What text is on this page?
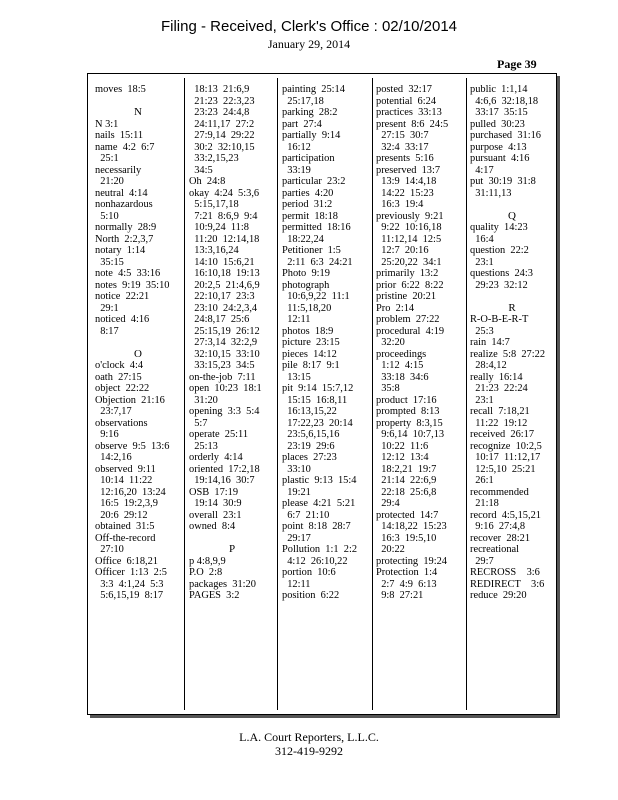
Filing - Received, Clerk's Office : 02/10/2014
January 29, 2014
Page 39
moves  18:5

N
N 3:1
nails  15:11
name  4:2  6:7
25:1
necessarily
21:20
neutral  4:14
nonhazardous
5:10
normally  28:9
North  2:2,3,7
notary  1:14
35:15
note  4:5  33:16
notes  9:19  35:10
notice  22:21
29:1
noticed  4:16
8:17

O
o'clock  4:4
oath  27:15
object  22:22
Objection  21:16
23:7,17
observations
9:16
observe  9:5  13:6
14:2,16
observed  9:11
10:14  11:22
12:16,20  13:24
16:5  19:2,3,9
20:6  29:12
obtained  31:5
Off-the-record
27:10
Office  6:18,21
Officer  1:13  2:5
3:3  4:1,24  5:3
5:6,15,19  8:17
18:13  21:6,9
21:23  22:3,23
23:23  24:4,8
24:11,17  27:2
27:9,14  29:22
30:2  32:10,15
33:2,15,23
34:5
Oh  24:8
okay  4:24  5:3,6
5:15,17,18
7:21  8:6,9  9:4
10:9,24  11:8
11:20  12:14,18
13:3,16,24
14:10  15:6,21
16:10,18  19:13
20:2,5  21:4,6,9
22:10,17  23:3
23:10  24:2,3,4
24:8,17  25:6
25:15,19  26:12
27:3,14  32:2,9
32:10,15  33:10
33:15,23  34:5
on-the-job  7:11
open  10:23  18:1
31:20
opening  3:3  5:4
5:7
operate  25:11
25:13
orderly  4:14
oriented  17:2,18
19:14,16  30:7
OSB  17:19
19:14  30:9
overall  23:1
owned  8:4

P
p 4:8,9,9
P.O  2:8
packages  31:20
PAGES  3:2
painting  25:14
25:17,18
parking  28:2
part  27:4
partially  9:14
16:12
participation
33:19
particular  23:2
parties  4:20
period  31:2
permit  18:18
permitted  18:16
18:22,24
Petitioner  1:5
2:11  6:3  24:21
Photo  9:19
photograph
10:6,9,22  11:1
11:5,18,20
12:11
photos  18:9
picture  23:15
pieces  14:12
pile  8:17  9:1
13:15
pit  9:14  15:7,12
15:15  16:8,11
16:13,15,22
17:22,23  20:14
23:5,6,15,16
23:19  29:6
places  27:23
33:10
plastic  9:13  15:4
19:21
please  4:21  5:21
6:7  21:10
point  8:18  28:7
29:17
Pollution  1:1  2:2
4:12  26:10,22
portion  10:6
12:11
position  6:22
posted  32:17
potential  6:24
practices  33:13
present  8:6  24:5
27:15  30:7
32:4  33:17
presents  5:16
preserved  13:7
13:9  14:4,18
14:22  15:23
16:3  19:4
previously  9:21
9:22  10:16,18
11:12,14  12:5
12:7  20:16
25:20,22  34:1
primarily  13:2
prior  6:22  8:22
pristine  20:21
Pro  2:14
problem  27:22
procedural  4:19
32:20
proceedings
1:12  4:15
33:18  34:6
35:8
product  17:16
prompted  8:13
property  8:3,15
9:6,14  10:7,13
10:22  11:6
12:12  13:4
18:2,21  19:7
21:14  22:6,9
22:18  25:6,8
29:4
protected  14:7
14:18,22  15:23
16:3  19:5,10
20:22
protecting  19:24
Protection  1:4
2:7  4:9  6:13
9:8  27:21
public  1:1,14
4:6,6  32:18,18
33:17  35:15
pulled  30:23
purchased  31:16
purpose  4:13
pursuant  4:16
4:17
put  30:19  31:8
31:11,13

Q
quality  14:23
16:4
question  22:2
23:1
questions  24:3
29:23  32:12

R
R-O-B-E-R-T
25:3
rain  14:7
realize  5:8  27:22
28:4,12
really  16:14
21:23  22:24
23:1
recall  7:18,21
11:22  19:12
received  26:17
recognize  10:2,5
10:17  11:12,17
12:5,10  25:21
26:1
recommended
21:18
record  4:5,15,21
9:16  27:4,8
recover  28:21
recreational
29:7
RECROSS    3:6
REDIRECT    3:6
reduce  29:20
L.A. Court Reporters, L.L.C.
312-419-9292
